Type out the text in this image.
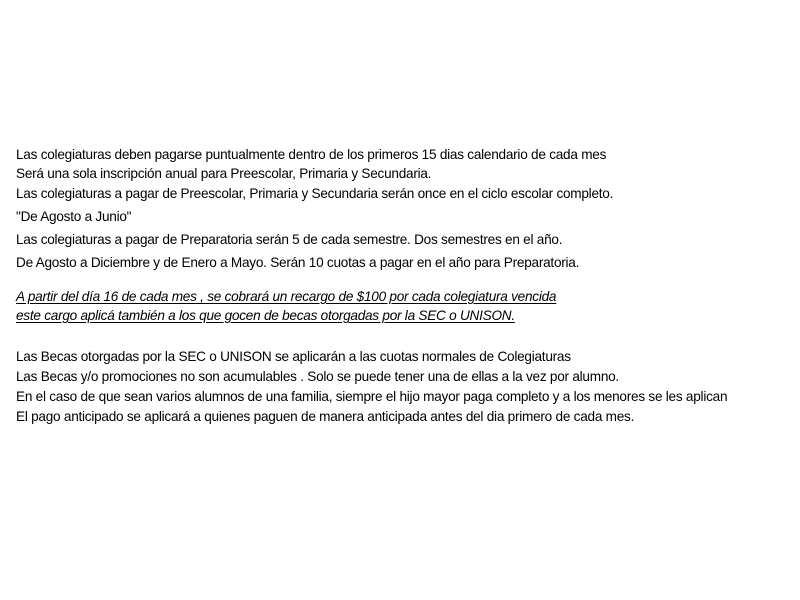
Las colegiaturas deben pagarse puntualmente dentro de los primeros 15 dias calendario de cada mes
Será una sola inscripción anual para Preescolar, Primaria y Secundaria.
Las colegiaturas a pagar de Preescolar, Primaria y Secundaria serán once en el ciclo escolar completo.
"De Agosto a Junio"
Las colegiaturas a pagar de Preparatoria serán 5 de cada semestre. Dos semestres en el año.
De Agosto a Diciembre y de Enero a Mayo. Serán 10 cuotas a pagar en el año para Preparatoria.
A partir del día 16 de cada mes , se cobrará un recargo de $100 por cada colegiatura vencida
este cargo aplicá también a los que gocen de becas otorgadas por la SEC o UNISON.
Las Becas otorgadas por la SEC o UNISON se aplicarán a las cuotas normales de Colegiaturas
Las Becas y/o promociones no son acumulables . Solo se puede tener una de ellas a la vez por alumno.
En el caso de que sean varios alumnos de una familia, siempre el hijo mayor paga completo y a los menores se les aplican
El pago anticipado se aplicará a quienes paguen de manera anticipada antes del dia primero de cada mes.
